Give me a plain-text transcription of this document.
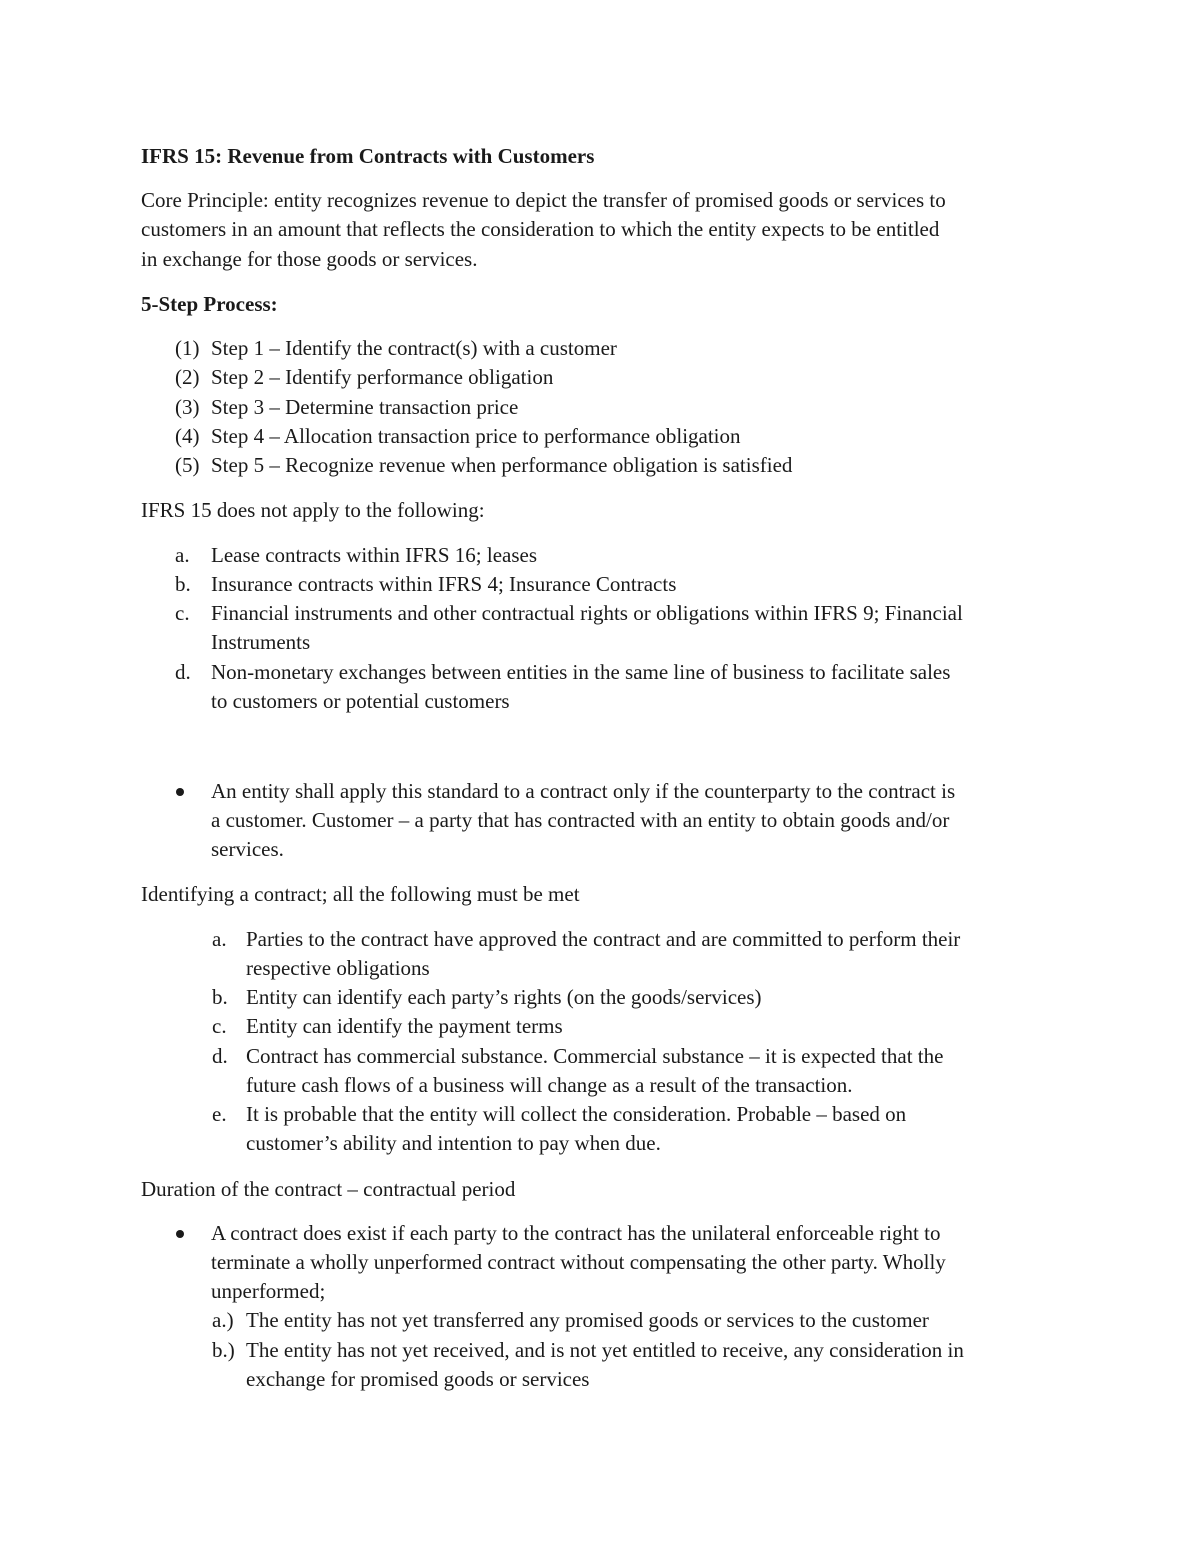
IFRS 15: Revenue from Contracts with Customers
Core Principle: entity recognizes revenue to depict the transfer of promised goods or services to
customers in an amount that reflects the consideration to which the entity expects to be entitled
in exchange for those goods or services.
5-Step Process:
(1) Step 1 – Identify the contract(s) with a customer
(2) Step 2 – Identify performance obligation
(3) Step 3 – Determine transaction price
(4) Step 4 – Allocation transaction price to performance obligation
(5) Step 5 – Recognize revenue when performance obligation is satisfied
IFRS 15 does not apply to the following:
a. Lease contracts within IFRS 16; leases
b. Insurance contracts within IFRS 4; Insurance Contracts
c. Financial instruments and other contractual rights or obligations within IFRS 9; Financial
Instruments
d. Non-monetary exchanges between entities in the same line of business to facilitate sales
to customers or potential customers
An entity shall apply this standard to a contract only if the counterparty to the contract is
a customer. Customer – a party that has contracted with an entity to obtain goods and/or
services.
Identifying a contract; all the following must be met
a. Parties to the contract have approved the contract and are committed to perform their
respective obligations
b. Entity can identify each party’s rights (on the goods/services)
c. Entity can identify the payment terms
d. Contract has commercial substance. Commercial substance – it is expected that the
future cash flows of a business will change as a result of the transaction.
e. It is probable that the entity will collect the consideration. Probable – based on
customer’s ability and intention to pay when due.
Duration of the contract – contractual period
A contract does exist if each party to the contract has the unilateral enforceable right to
terminate a wholly unperformed contract without compensating the other party. Wholly
unperformed;
a.) The entity has not yet transferred any promised goods or services to the customer
b.) The entity has not yet received, and is not yet entitled to receive, any consideration in
exchange for promised goods or services
